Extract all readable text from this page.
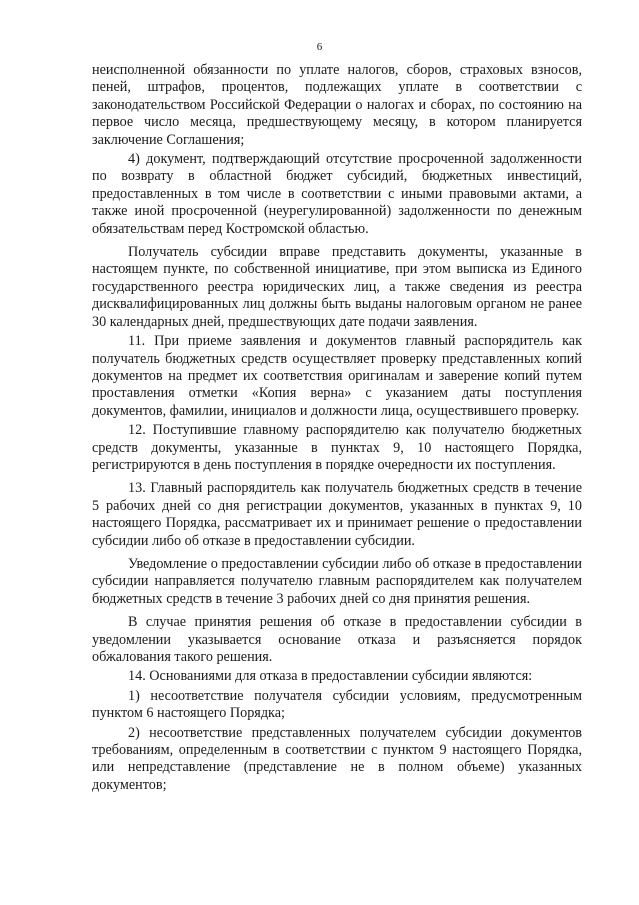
6

неисполненной обязанности по уплате налогов, сборов, страховых взносов, пеней, штрафов, процентов, подлежащих уплате в соответствии с законодательством Российской Федерации о налогах и сборах, по состоянию на первое число месяца, предшествующему месяцу, в котором планируется заключение Соглашения;

4) документ, подтверждающий отсутствие просроченной задолженности по возврату в областной бюджет субсидий, бюджетных инвестиций, предоставленных в том числе в соответствии с иными правовыми актами, а также иной просроченной (неурегулированной) задолженности по денежным обязательствам перед Костромской областью.

Получатель субсидии вправе представить документы, указанные в настоящем пункте, по собственной инициативе, при этом выписка из Единого государственного реестра юридических лиц, а также сведения из реестра дисквалифицированных лиц должны быть выданы налоговым органом не ранее 30 календарных дней, предшествующих дате подачи заявления.

11. При приеме заявления и документов главный распорядитель как получатель бюджетных средств осуществляет проверку представленных копий документов на предмет их соответствия оригиналам и заверение копий путем проставления отметки «Копия верна» с указанием даты поступления документов, фамилии, инициалов и должности лица, осуществившего проверку.

12. Поступившие главному распорядителю как получателю бюджетных средств документы, указанные в пунктах 9, 10 настоящего Порядка, регистрируются в день поступления в порядке очередности их поступления.

13. Главный распорядитель как получатель бюджетных средств в течение 5 рабочих дней со дня регистрации документов, указанных в пунктах 9, 10 настоящего Порядка, рассматривает их и принимает решение о предоставлении субсидии либо об отказе в предоставлении субсидии.

Уведомление о предоставлении субсидии либо об отказе в предоставлении субсидии направляется получателю главным распорядителем как получателем бюджетных средств в течение 3 рабочих дней со дня принятия решения.

В случае принятия решения об отказе в предоставлении субсидии в уведомлении указывается основание отказа и разъясняется порядок обжалования такого решения.

14. Основаниями для отказа в предоставлении субсидии являются:

1) несоответствие получателя субсидии условиям, предусмотренным пунктом 6 настоящего Порядка;

2) несоответствие представленных получателем субсидии документов требованиям, определенным в соответствии с пунктом 9 настоящего Порядка, или непредставление (представление не в полном объеме) указанных документов;
